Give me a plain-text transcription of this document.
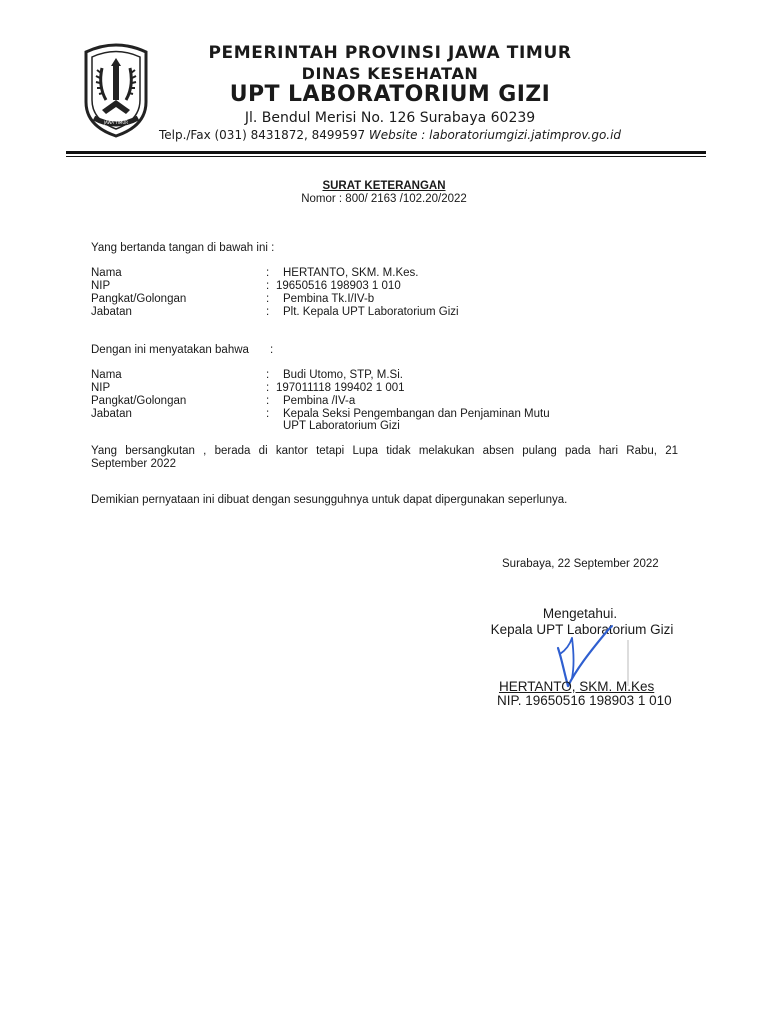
JAWA TIMUR
PEMERINTAH PROVINSI JAWA TIMUR
DINAS KESEHATAN
UPT LABORATORIUM GIZI
Jl. Bendul Merisi No. 126 Surabaya 60239
Telp./Fax (031) 8431872, 8499597 Website : laboratoriumgizi.jatimprov.go.id
SURAT KETERANGAN
Nomor : 800/ 2163 /102.20/2022
Yang bertanda tangan di bawah ini :
Nama	: HERTANTO, SKM. M.Kes.
NIP	: 19650516 198903 1 010
Pangkat/Golongan	: Pembina Tk.I/IV-b
Jabatan	: Plt. Kepala UPT Laboratorium Gizi
Dengan ini menyatakan bahwa :
Nama	: Budi Utomo, STP, M.Si.
NIP	: 197011118 199402 1 001
Pangkat/Golongan	: Pembina /IV-a
Jabatan	: Kepala Seksi Pengembangan dan Penjaminan Mutu
UPT Laboratorium Gizi
Yang bersangkutan , berada di kantor tetapi Lupa tidak melakukan absen pulang pada hari Rabu, 21
September 2022
Demikian pernyataan ini dibuat dengan sesungguhnya untuk dapat dipergunakan seperlunya.
Surabaya, 22 September 2022
Mengetahui.
Kepala UPT Laboratorium Gizi
HERTANTO, SKM. M.Kes
NIP. 19650516 198903 1 010
